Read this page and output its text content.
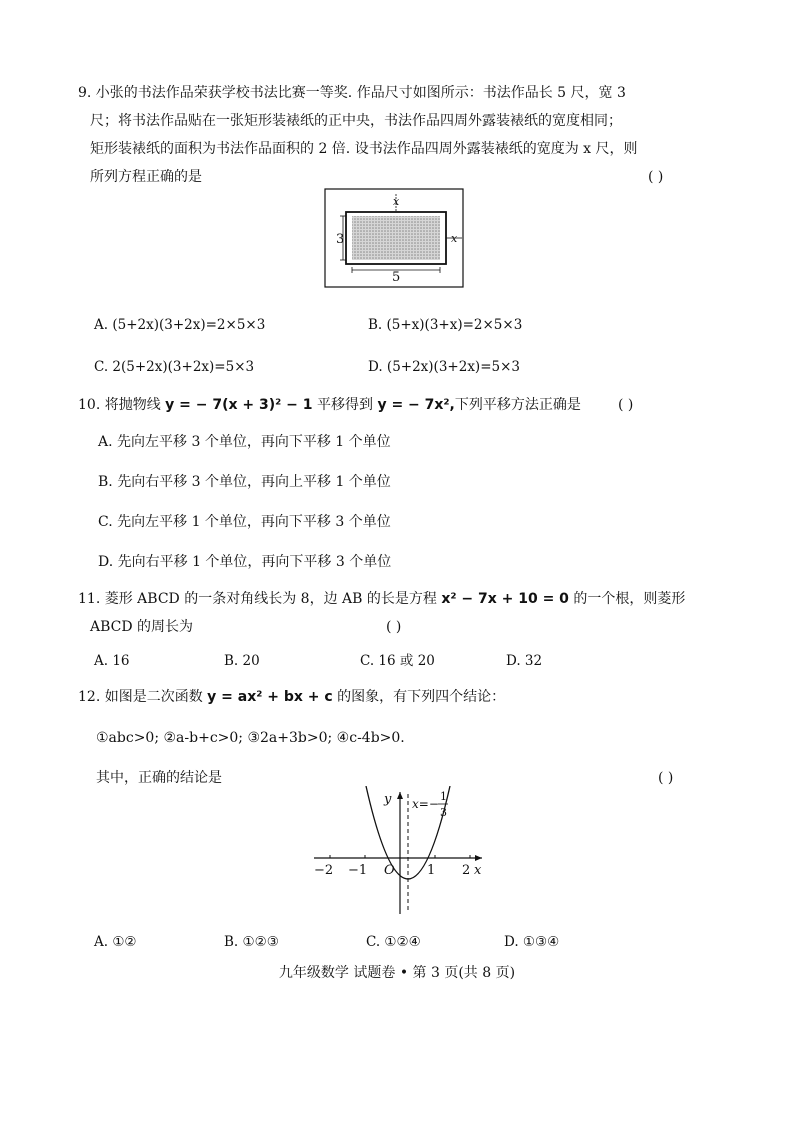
9. 小张的书法作品荣获学校书法比赛一等奖. 作品尺寸如图所示：书法作品长 5 尺，宽 3
尺；将书法作品贴在一张矩形装裱纸的正中央，书法作品四周外露装裱纸的宽度相同；
矩形装裱纸的面积为书法作品面积的 2 倍. 设书法作品四周外露装裱纸的宽度为 x 尺，则
所列方程正确的是	( )
x
x
3
5
A. (5+2x)(3+2x)=2×5×3	B. (5+x)(3+x)=2×5×3
C. 2(5+2x)(3+2x)=5×3	D. (5+2x)(3+2x)=5×3
10. 将抛物线 y = − 7(x + 3)² − 1 平移得到 y = − 7x²,下列平移方法正确是	( )
A. 先向左平移 3 个单位，再向下平移 1 个单位
B. 先向右平移 3 个单位，再向上平移 1 个单位
C. 先向左平移 1 个单位，再向下平移 3 个单位
D. 先向右平移 1 个单位，再向下平移 3 个单位
11. 菱形 ABCD 的一条对角线长为 8，边 AB 的长是方程 x² − 7x + 10 = 0 的一个根，则菱形
ABCD 的周长为	( )
A. 16	B. 20	C. 16 或 20	D. 32
12. 如图是二次函数 y = ax² + bx + c 的图象，有下列四个结论：
①abc>0; ②a-b+c>0; ③2a+3b>0; ④c-4b>0.
其中，正确的结论是	( )
−2 −1	1 2
O	x
y x=−
1
3
A. ①②	B. ①②③	C. ①②④	D. ①③④
九年级数学 试题卷 • 第 3 页(共 8 页)
